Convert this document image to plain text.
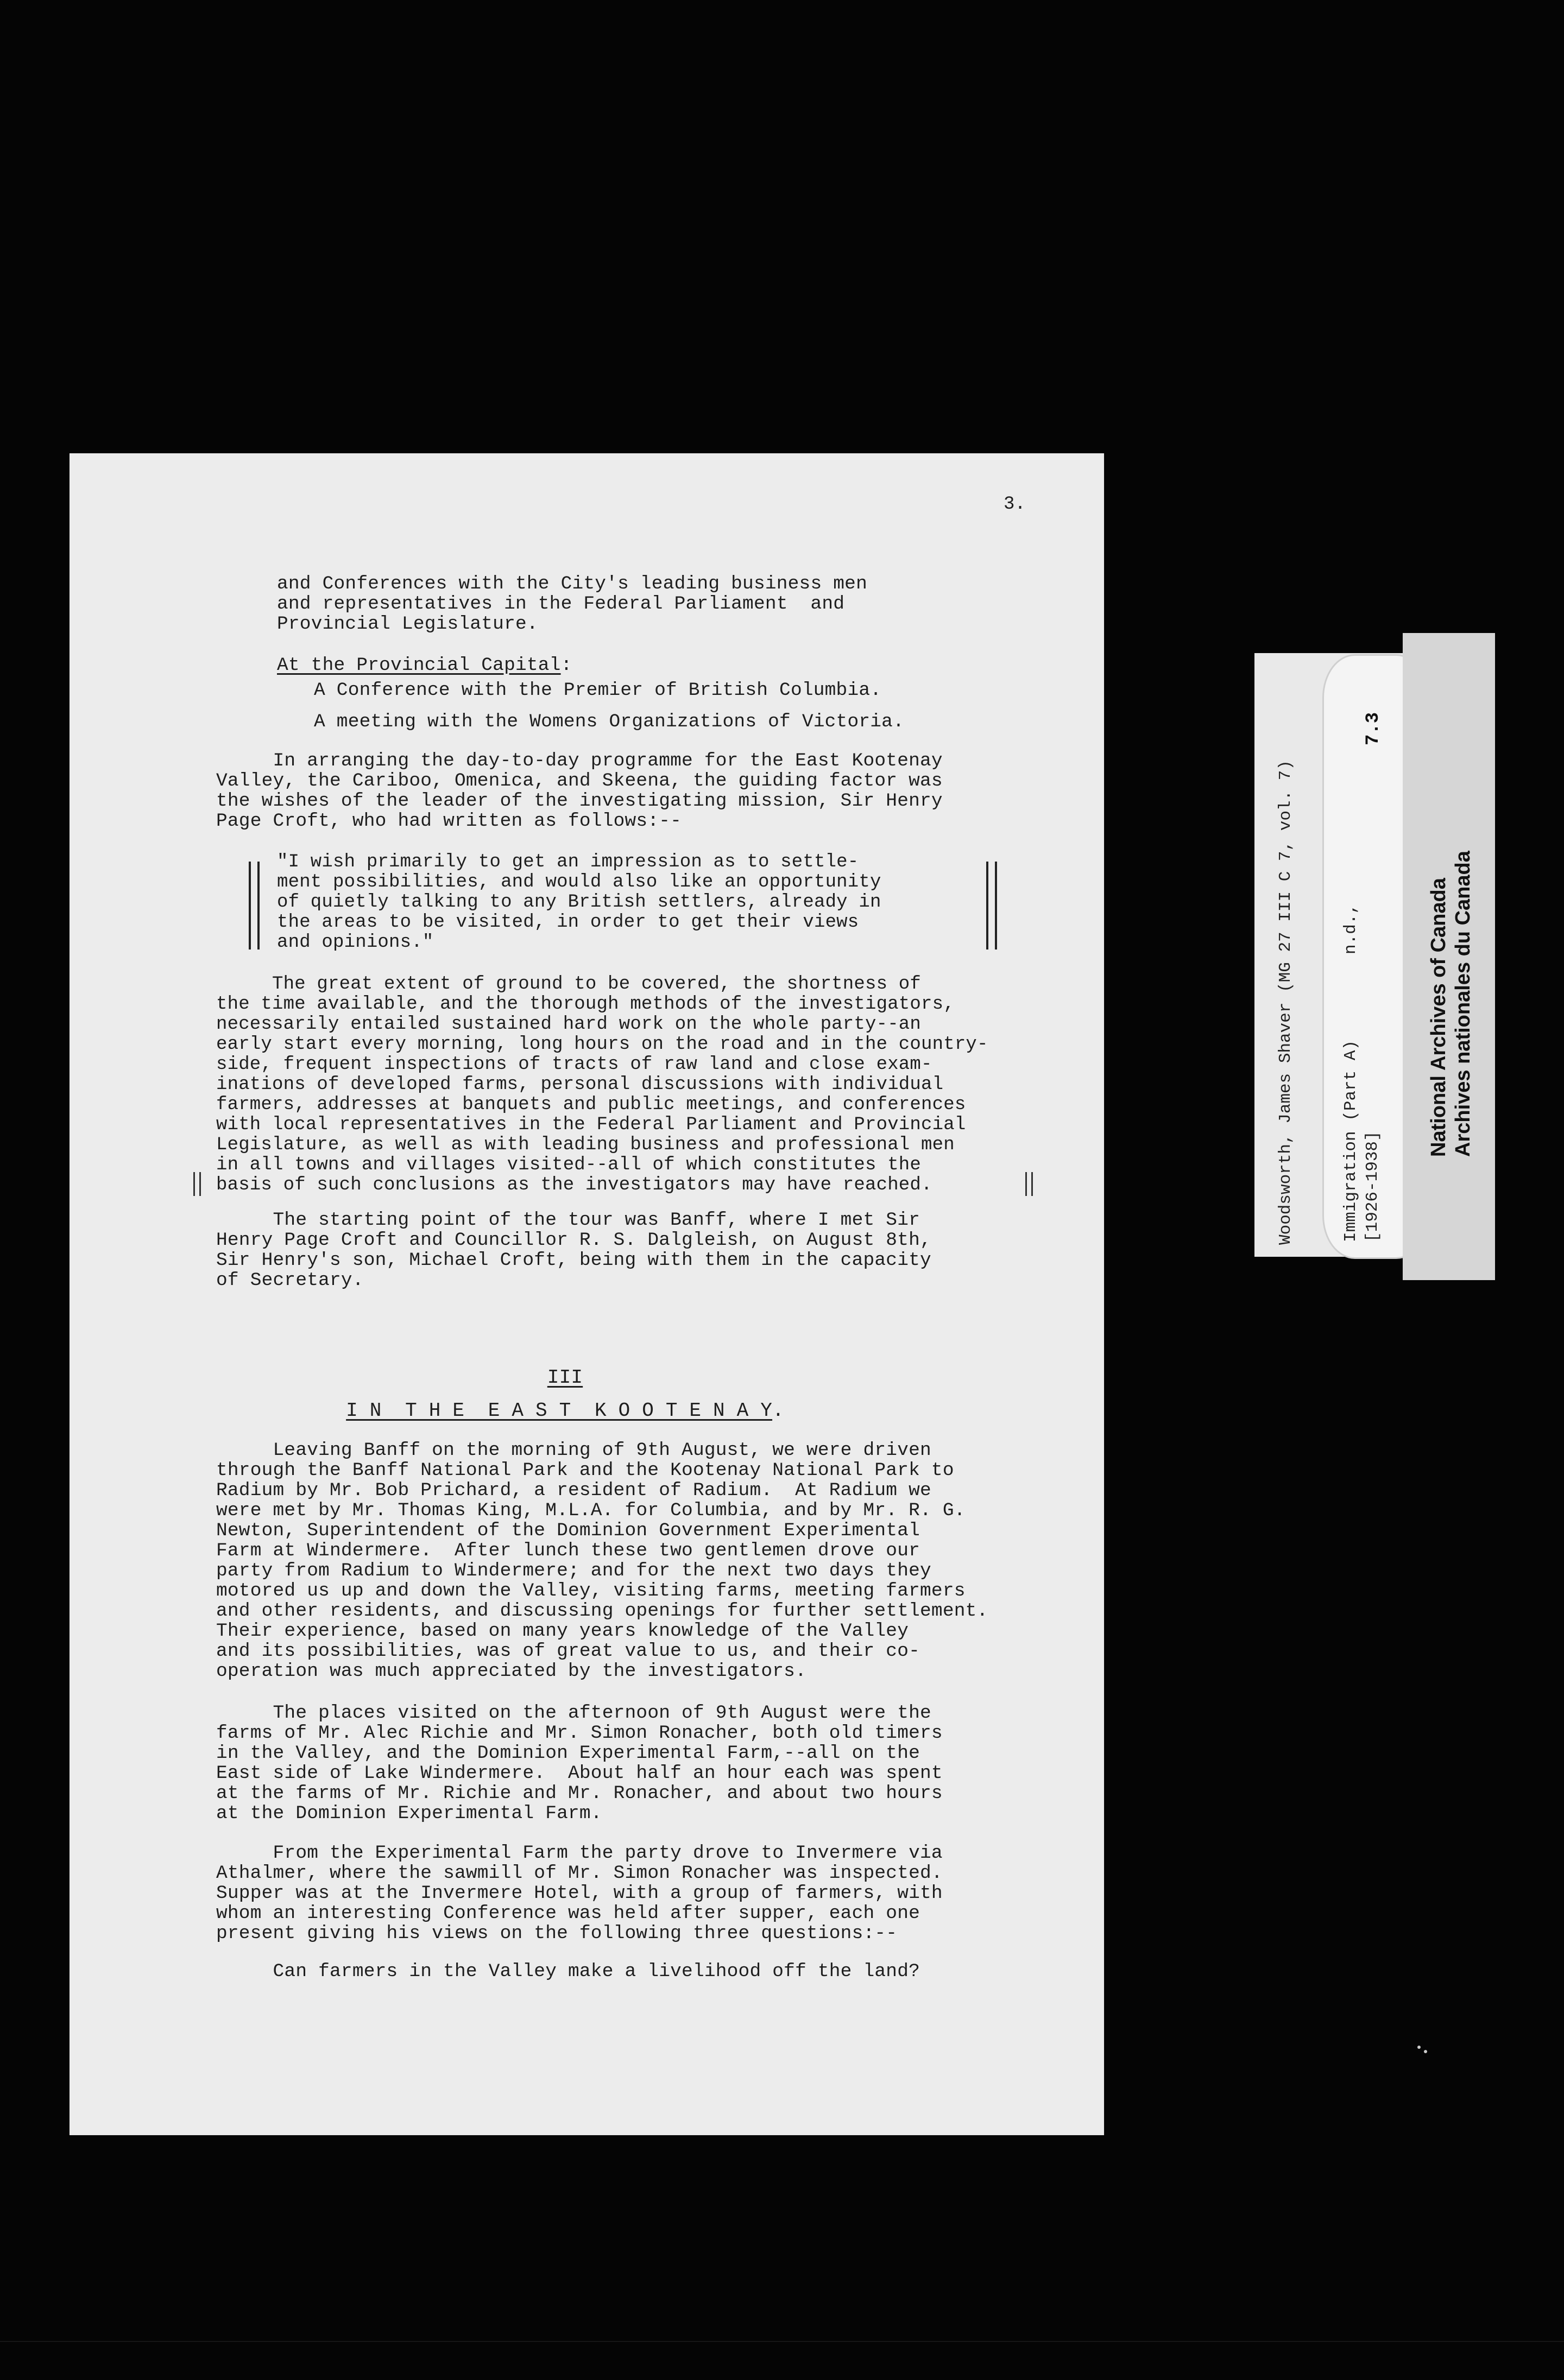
3.
and Conferences with the City's leading business men
and representatives in the Federal Parliament  and
Provincial Legislature.
At the Provincial Capital:
A Conference with the Premier of British Columbia.
A meeting with the Womens Organizations of Victoria.
In arranging the day-to-day programme for the East Kootenay
Valley, the Cariboo, Omenica, and Skeena, the guiding factor was
the wishes of the leader of the investigating mission, Sir Henry
Page Croft, who had written as follows:--
"I wish primarily to get an impression as to settle-
ment possibilities, and would also like an opportunity
of quietly talking to any British settlers, already in
the areas to be visited, in order to get their views
and opinions."
The great extent of ground to be covered, the shortness of
the time available, and the thorough methods of the investigators,
necessarily entailed sustained hard work on the whole party--an
early start every morning, long hours on the road and in the country-
side, frequent inspections of tracts of raw land and close exam-
inations of developed farms, personal discussions with individual
farmers, addresses at banquets and public meetings, and conferences
with local representatives in the Federal Parliament and Provincial
Legislature, as well as with leading business and professional men
in all towns and villages visited--all of which constitutes the
basis of such conclusions as the investigators may have reached.
The starting point of the tour was Banff, where I met Sir
Henry Page Croft and Councillor R. S. Dalgleish, on August 8th,
Sir Henry's son, Michael Croft, being with them in the capacity
of Secretary.
III
I N  T H E  E A S T  K O O T E N A Y.
Leaving Banff on the morning of 9th August, we were driven
through the Banff National Park and the Kootenay National Park to
Radium by Mr. Bob Prichard, a resident of Radium.  At Radium we
were met by Mr. Thomas King, M.L.A. for Columbia, and by Mr. R. G.
Newton, Superintendent of the Dominion Government Experimental
Farm at Windermere.  After lunch these two gentlemen drove our
party from Radium to Windermere; and for the next two days they
motored us up and down the Valley, visiting farms, meeting farmers
and other residents, and discussing openings for further settlement.
Their experience, based on many years knowledge of the Valley
and its possibilities, was of great value to us, and their co-
operation was much appreciated by the investigators.
The places visited on the afternoon of 9th August were the
farms of Mr. Alec Richie and Mr. Simon Ronacher, both old timers
in the Valley, and the Dominion Experimental Farm,--all on the
East side of Lake Windermere.  About half an hour each was spent
at the farms of Mr. Richie and Mr. Ronacher, and about two hours
at the Dominion Experimental Farm.
From the Experimental Farm the party drove to Invermere via
Athalmer, where the sawmill of Mr. Simon Ronacher was inspected.
Supper was at the Invermere Hotel, with a group of farmers, with
whom an interesting Conference was held after supper, each one
present giving his views on the following three questions:--
Can farmers in the Valley make a livelihood off the land?
Woodsworth, James Shaver (MG 27 III C 7, vol. 7)	Immigration (Part A) [1926-1938]
n.d.,
7.3
National Archives of Canada Archives nationales du Canada
